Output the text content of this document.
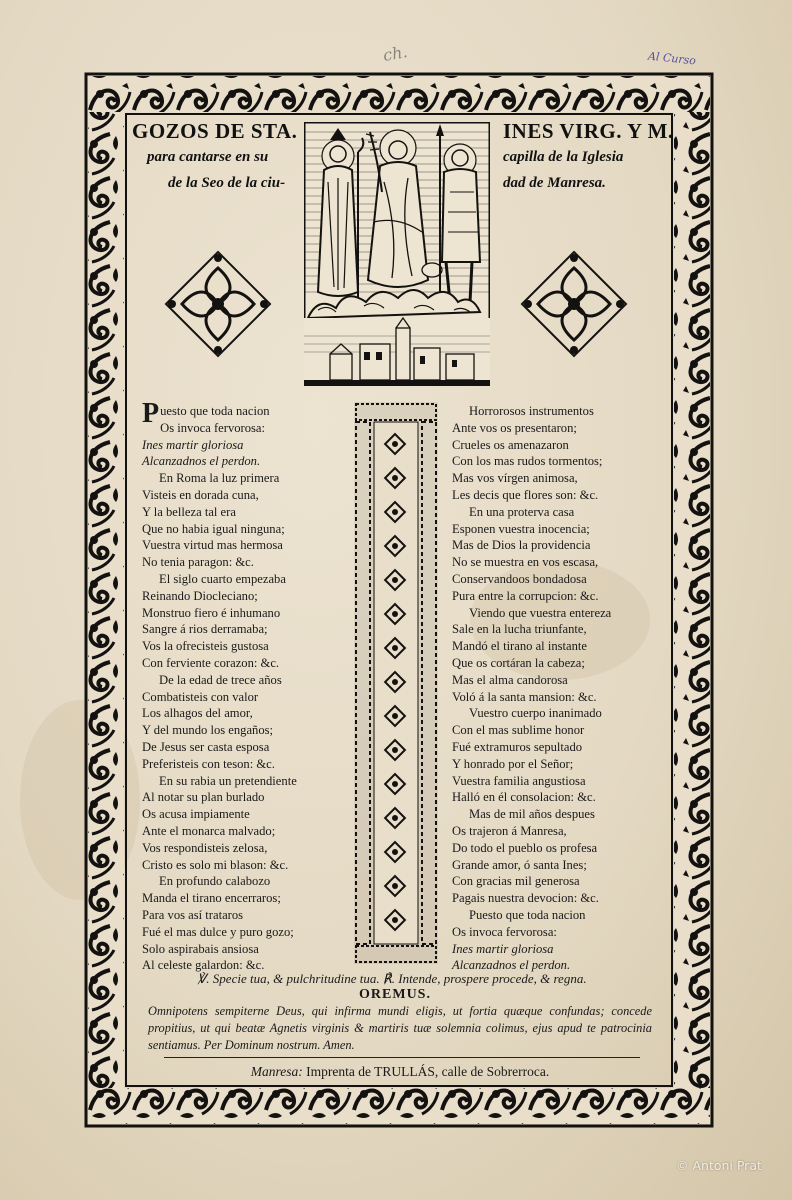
ch.	Al Curso
GOZOS DE STA.	INES VIRG. Y M.
para cantarse en su	capilla de la Iglesia
de la Seo de la ciu-	dad de Manresa.
Puesto que toda nacion
Os invoca fervorosa:
Ines martir gloriosa
Alcanzadnos el perdon.
En Roma la luz primera
Visteis en dorada cuna,
Y la belleza tal era
Que no habia igual ninguna;
Vuestra virtud mas hermosa
No tenia paragon: &c.
El siglo cuarto empezaba
Reinando Diocleciano;
Monstruo fiero é inhumano
Sangre á rios derramaba;
Vos la ofrecisteis gustosa
Con ferviente corazon: &c.
De la edad de trece años
Combatisteis con valor
Los alhagos del amor,
Y del mundo los engaños;
De Jesus ser casta esposa
Preferisteis con teson: &c.
En su rabia un pretendiente
Al notar su plan burlado
Os acusa impiamente
Ante el monarca malvado;
Vos respondisteis zelosa,
Cristo es solo mi blason: &c.
En profundo calabozo
Manda el tirano encerraros;
Para vos así trataros
Fué el mas dulce y puro gozo;
Solo aspirabais ansiosa
Al celeste galardon: &c.
Horrorosos instrumentos
Ante vos os presentaron;
Crueles os amenazaron
Con los mas rudos tormentos;
Mas vos vírgen animosa,
Les decis que flores son: &c.
En una proterva casa
Esponen vuestra inocencia;
Mas de Dios la providencia
No se muestra en vos escasa,
Conservandoos bondadosa
Pura entre la corrupcion: &c.
Viendo que vuestra entereza
Sale en la lucha triunfante,
Mandó el tirano al instante
Que os cortáran la cabeza;
Mas el alma candorosa
Voló á la santa mansion: &c.
Vuestro cuerpo inanimado
Con el mas sublime honor
Fué extramuros sepultado
Y honrado por el Señor;
Vuestra familia angustiosa
Halló en él consolacion: &c.
Mas de mil años despues
Os trajeron á Manresa,
Do todo el pueblo os profesa
Grande amor, ó santa Ines;
Con gracias mil generosa
Pagais nuestra devocion: &c.
Puesto que toda nacion
Os invoca fervorosa:
Ines martir gloriosa
Alcanzadnos el perdon.
℣. Specie tua, & pulchritudine tua. ℟. Intende, prospere procede, & regna.
OREMUS.
Omnipotens sempiterne Deus, qui infirma mundi eligis, ut fortia quæque confundas; concede propitius, ut qui beatæ Agnetis virginis & martiris tuæ solemnia colimus, ejus apud te patrocinia sentiamus. Per Dominum nostrum. Amen.
Manresa: Imprenta de TRULLÁS, calle de Sobrerroca.
© Antoni Prat
